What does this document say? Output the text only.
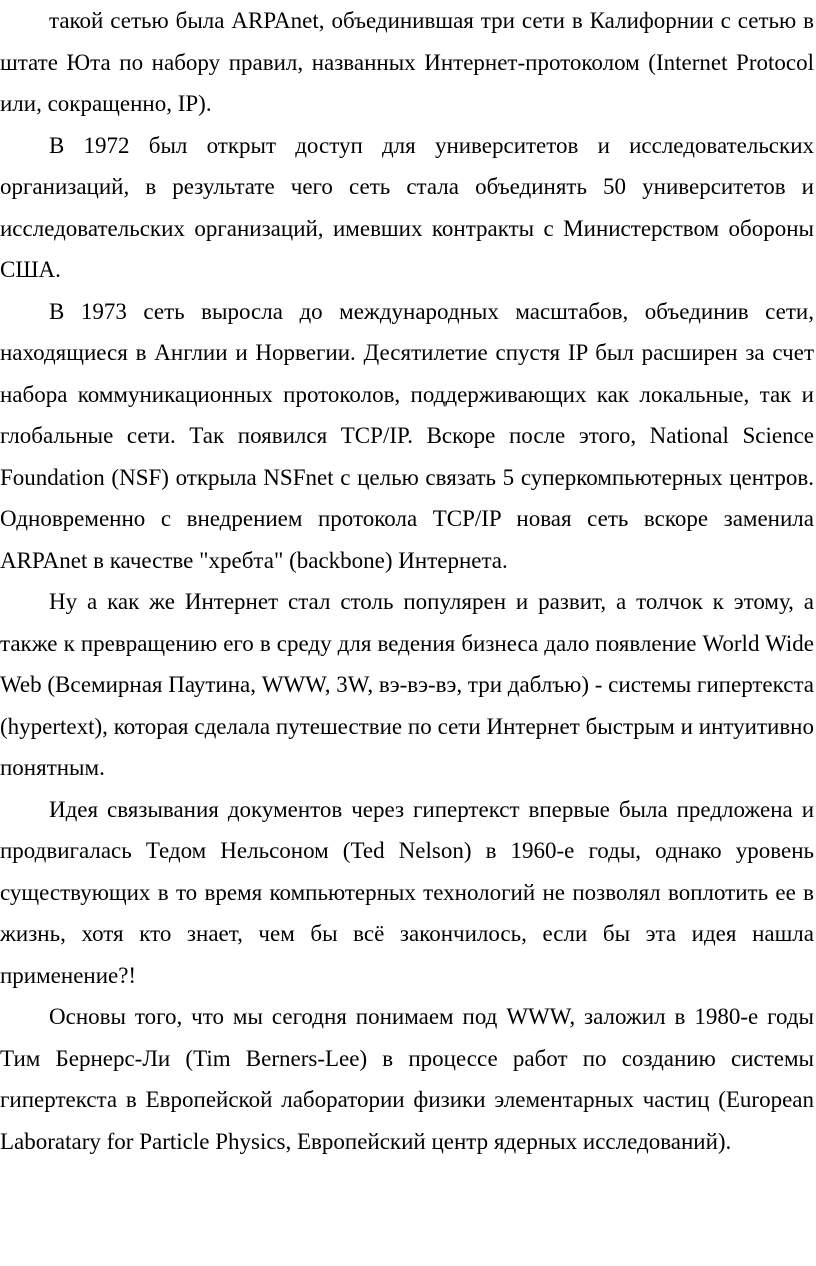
такой сетью была ARPAnet, объединившая три сети в Калифорнии с сетью в штате Юта по набору правил, названных Интернет-протоколом (Internet Protocol или, сокращенно, IP).

В 1972 был открыт доступ для университетов и исследовательских организаций, в результате чего сеть стала объединять 50 университетов и исследовательских организаций, имевших контракты с Министерством обороны США.

В 1973 сеть выросла до международных масштабов, объединив сети, находящиеся в Англии и Норвегии. Десятилетие спустя IP был расширен за счет набора коммуникационных протоколов, поддерживающих как локальные, так и глобальные сети. Так появился TCP/IP. Вскоре после этого, National Science Foundation (NSF) открыла NSFnet с целью связать 5 суперкомпьютерных центров. Одновременно с внедрением протокола TCP/IP новая сеть вскоре заменила ARPAnet в качестве "хребта" (backbone) Интернета.

Ну а как же Интернет стал столь популярен и развит, а толчок к этому, а также к превращению его в среду для ведения бизнеса дало появление World Wide Web (Всемирная Паутина, WWW, 3W, вэ-вэ-вэ, три даблъю) - системы гипертекста (hypertext), которая сделала путешествие по сети Интернет быстрым и интуитивно понятным.

Идея связывания документов через гипертекст впервые была предложена и продвигалась Тедом Нельсоном (Ted Nelson) в 1960-е годы, однако уровень существующих в то время компьютерных технологий не позволял воплотить ее в жизнь, хотя кто знает, чем бы всё закончилось, если бы эта идея нашла применение?!

Основы того, что мы сегодня понимаем под WWW, заложил в 1980-е годы Тим Бернерс-Ли (Tim Berners-Lee) в процессе работ по созданию системы гипертекста в Европейской лаборатории физики элементарных частиц (European Laboratary for Particle Physics, Европейский центр ядерных исследований).
